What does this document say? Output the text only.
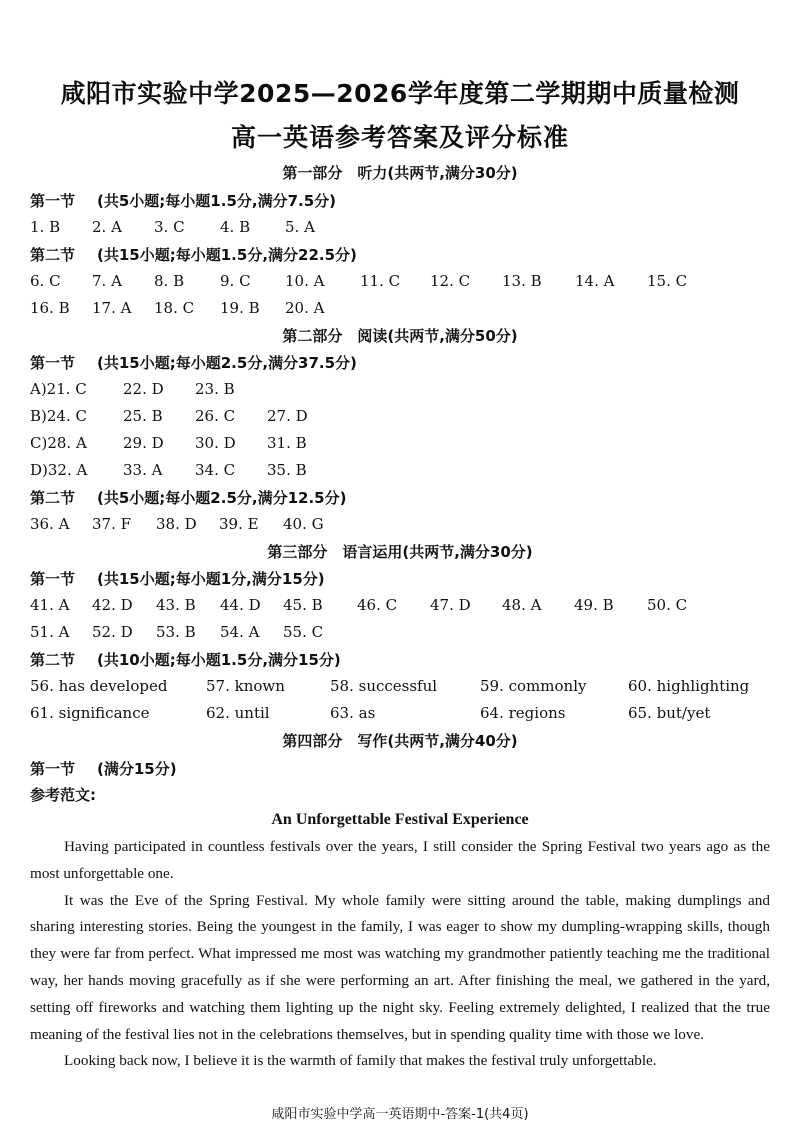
咸阳市实验中学2025—2026学年度第二学期期中质量检测
高一英语参考答案及评分标准
第一部分　听力(共两节,满分30分)
第一节 (共5小题;每小题1.5分,满分7.5分)
1. B 2. A 3. C 4. B 5. A
第二节 (共15小题;每小题1.5分,满分22.5分)
6. C 7. A 8. B 9. C 10. A 11. C 12. C 13. B 14. A 15. C
16. B 17. A 18. C 19. B 20. A
第二部分　阅读(共两节,满分50分)
第一节 (共15小题;每小题2.5分,满分37.5分)
A)21. C 22. D 23. B
B)24. C 25. B 26. C 27. D
C)28. A 29. D 30. D 31. B
D)32. A 33. A 34. C 35. B
第二节 (共5小题;每小题2.5分,满分12.5分)
36. A 37. F 38. D 39. E 40. G
第三部分　语言运用(共两节,满分30分)
第一节 (共15小题;每小题1分,满分15分)
41. A 42. D 43. B 44. D 45. B 46. C 47. D 48. A 49. B 50. C
51. A 52. D 53. B 54. A 55. C
第二节 (共10小题;每小题1.5分,满分15分)
56. has developed	57. known	58. successful	59. commonly	60. highlighting
61. significance	62. until	63. as	64. regions	65. but/yet
第四部分　写作(共两节,满分40分)
第一节 (满分15分)
参考范文:
An Unforgettable Festival Experience

Having participated in countless festivals over the years, I still consider the Spring Festival two years ago as the most unforgettable one.

It was the Eve of the Spring Festival. My whole family were sitting around the table, making dumplings and sharing interesting stories. Being the youngest in the family, I was eager to show my dumpling-wrapping skills, though they were far from perfect. What impressed me most was watching my grandmother patiently teaching me the traditional way, her hands moving gracefully as if she were performing an art. After finishing the meal, we gathered in the yard, setting off fireworks and watching them lighting up the night sky. Feeling extremely delighted, I realized that the true meaning of the festival lies not in the celebrations themselves, but in spending quality time with those we love.

Looking back now, I believe it is the warmth of family that makes the festival truly unforgettable.

咸阳市实验中学高一英语期中-答案-1(共4页)
